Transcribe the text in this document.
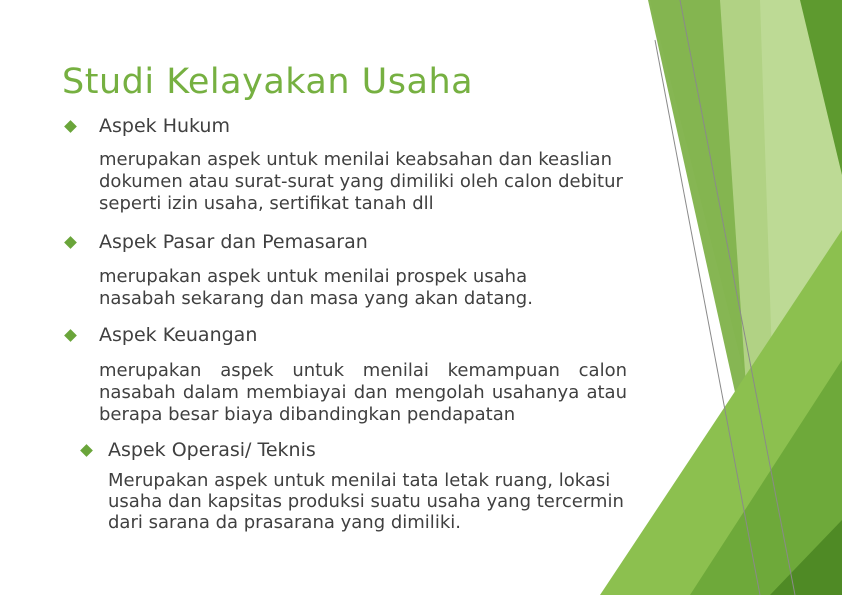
Studi Kelayakan Usaha
Aspek Hukum
merupakan aspek untuk menilai keabsahan dan keaslian dokumen atau surat-surat yang dimiliki oleh calon debitur seperti izin usaha, sertifikat tanah dll
Aspek Pasar dan Pemasaran
merupakan aspek untuk menilai prospek usaha nasabah sekarang dan masa yang akan datang.
Aspek Keuangan
merupakan aspek untuk menilai kemampuan calon nasabah dalam membiayai dan mengolah usahanya atau berapa besar biaya dibandingkan pendapatan
Aspek Operasi/ Teknis
Merupakan aspek untuk menilai tata letak ruang, lokasi usaha dan kapsitas produksi suatu usaha yang tercermin dari sarana da prasarana yang dimiliki.
